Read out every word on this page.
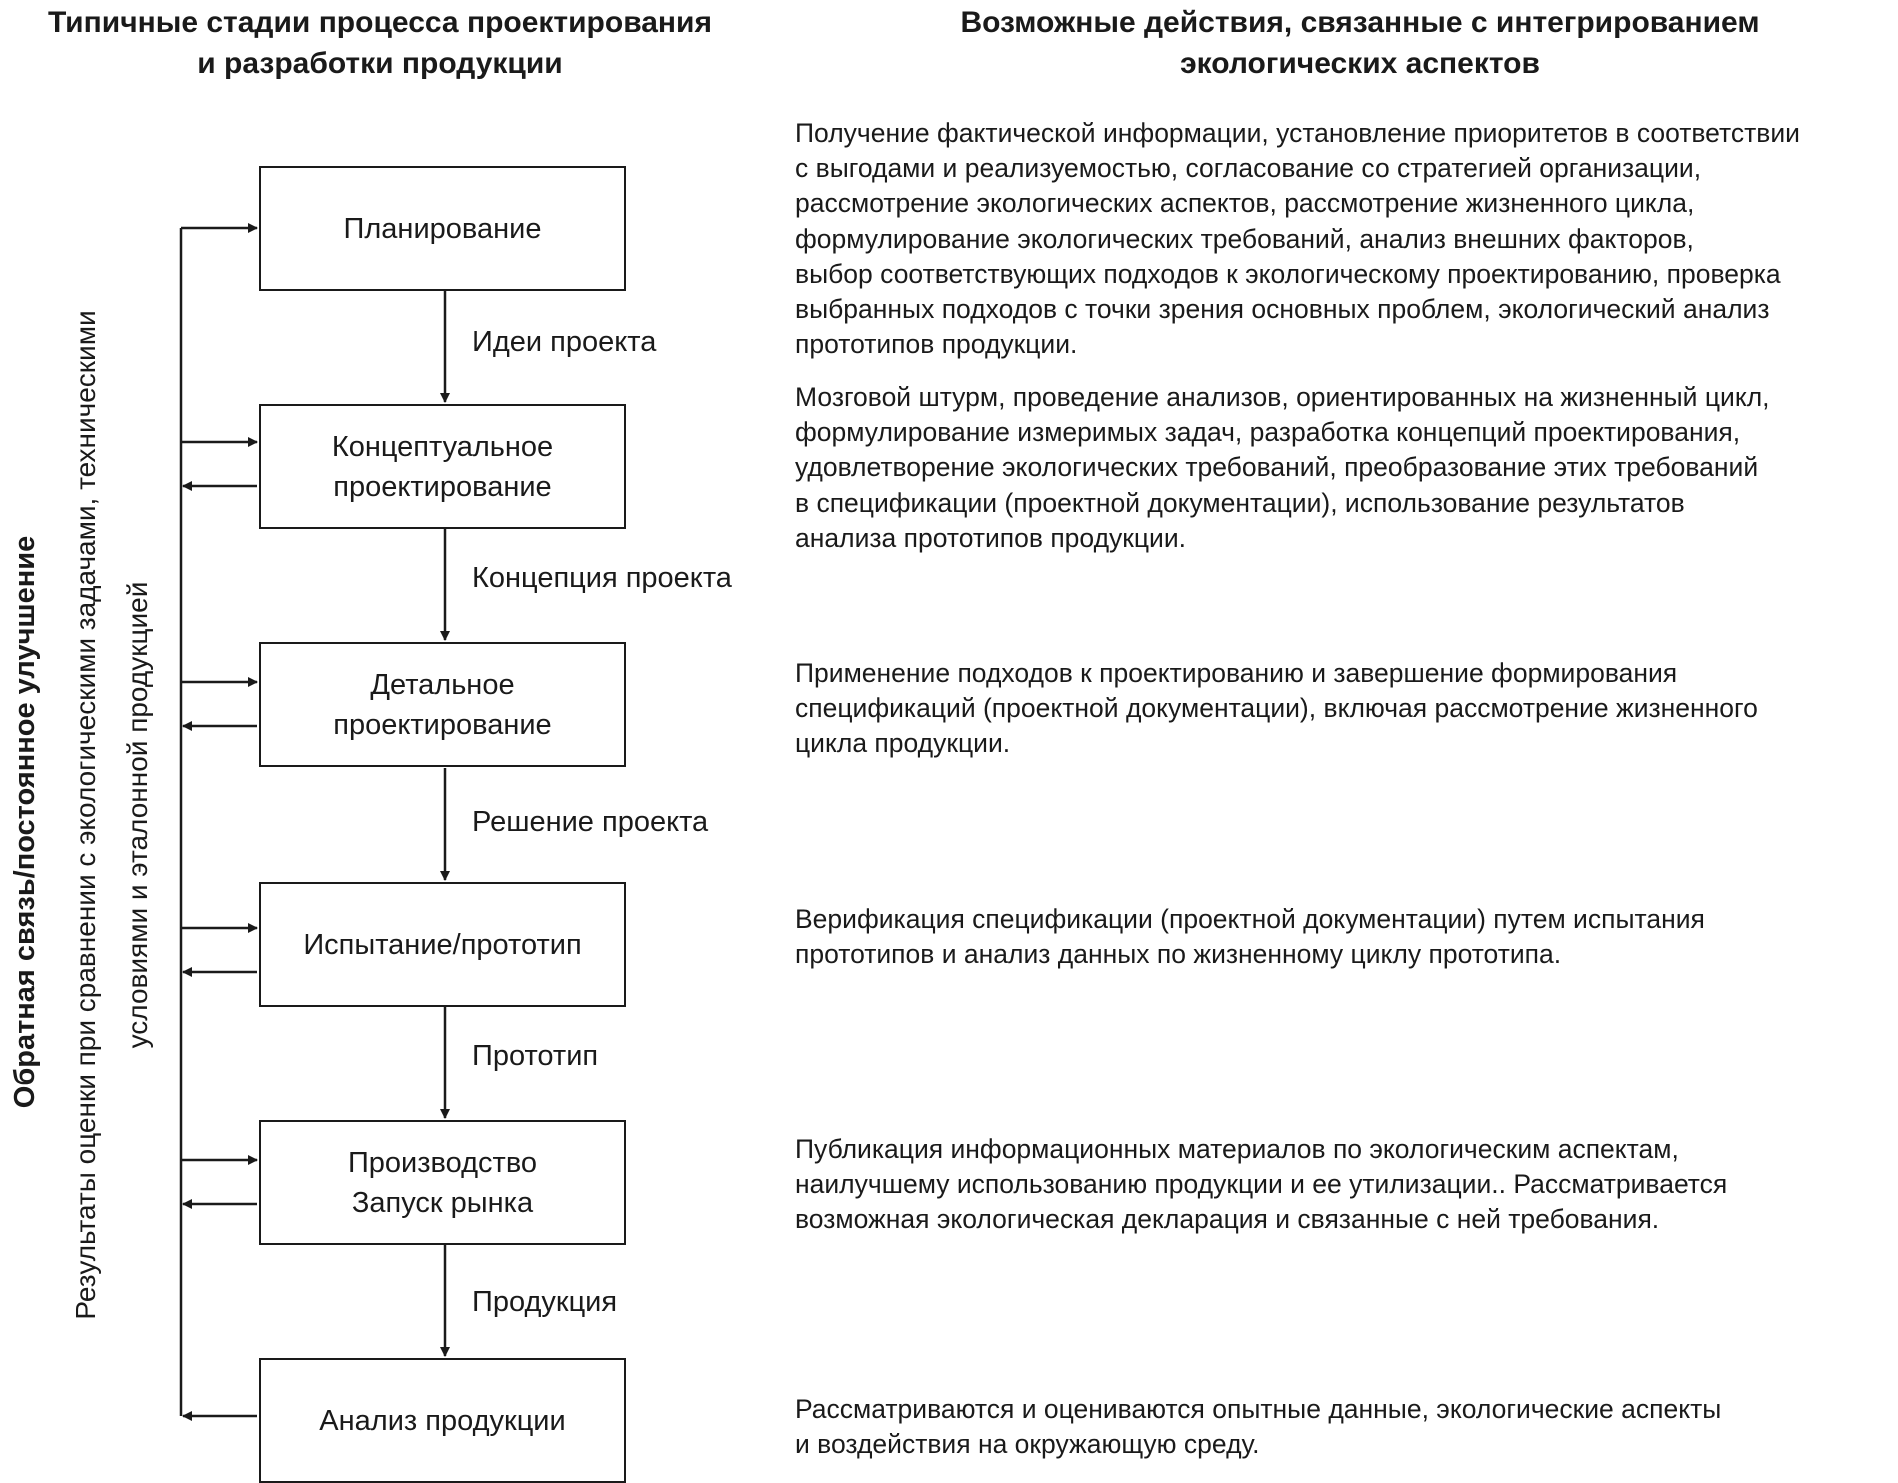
Типичные стадии процесса проектирования
и разработки продукции
Возможные действия, связанные с интегрированием
экологических аспектов
Планирование
Концептуальное
проектирование
Детальное
проектирование
Испытание/прототип
Производство
Запуск рынка
Анализ продукции
Идеи проекта
Концепция проекта
Решение проекта
Прототип
Продукция
Получение фактической информации, установление приоритетов в соответствии
с выгодами и реализуемостью, согласование со стратегией организации,
рассмотрение экологических аспектов, рассмотрение жизненного цикла,
формулирование экологических требований, анализ внешних факторов,
выбор соответствующих подходов к экологическому проектированию, проверка
выбранных подходов с точки зрения основных проблем, экологический анализ
прототипов продукции.
Мозговой штурм, проведение анализов, ориентированных на жизненный цикл,
формулирование измеримых задач, разработка концепций проектирования,
удовлетворение экологических требований, преобразование этих требований
в спецификации (проектной документации), использование результатов
анализа прототипов продукции.
Применение подходов к проектированию и завершение формирования
спецификаций (проектной документации), включая рассмотрение жизненного
цикла продукции.
Верификация спецификации (проектной документации) путем испытания
прототипов и анализ данных по жизненному циклу прототипа.
Публикация информационных материалов по экологическим аспектам,
наилучшему использованию продукции и ее утилизации.. Рассматривается
возможная экологическая декларация и связанные с ней требования.
Рассматриваются и оцениваются опытные данные, экологические аспекты
и воздействия на окружающую среду.
Обратная связь/постоянное улучшение
Результаты оценки при сравнении с экологическими задачами, техническими
условиями и эталонной продукцией
